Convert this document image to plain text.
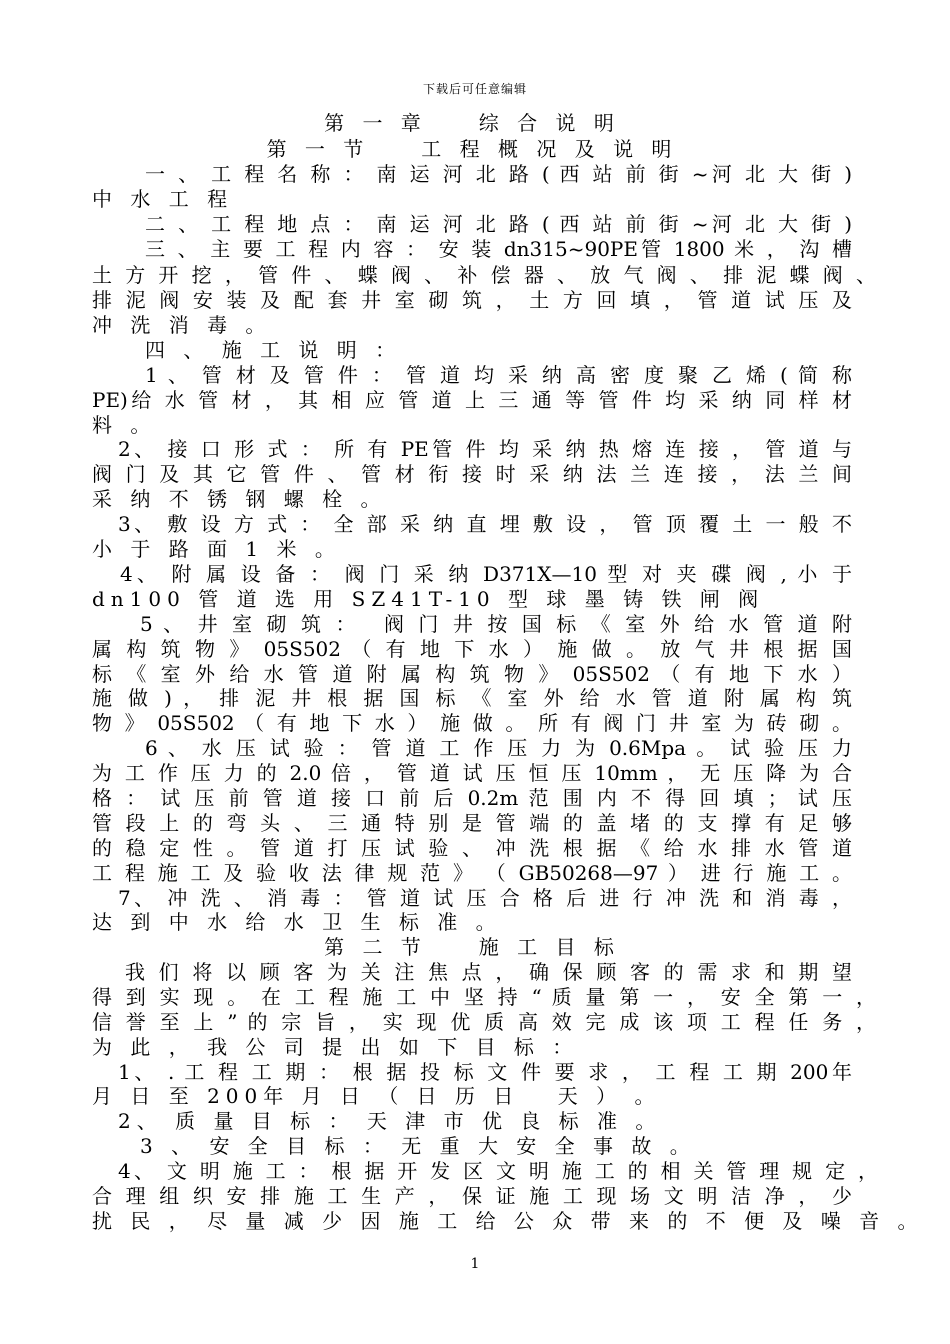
下载后可任意编辑
第 一 章　　综 合 说 明
第 一 节　　工 程 概 况 及 说 明
一 、 工 程 名 称 ： 南 运 河 北 路 ( 西 站 前 街 ~河 北 大 街 )
中 水 工 程
二 、 工 程 地 点 ： 南 运 河 北 路 ( 西 站 前 街 ~河 北 大 街 )
三 、 主 要 工 程 内 容 ： 安 装 dn315~90PE管 1800 米 ， 沟 槽
土 方 开 挖 ， 管 件 、 蝶 阀 、 补 偿 器 、 放 气 阀 、 排 泥 蝶 阀 、
排 泥 阀 安 装 及 配 套 井 室 砌 筑 ， 土 方 回 填 ， 管 道 试 压 及
冲 洗 消 毒 。
四 、 施 工 说 明 ：
1 、 管 材 及 管 件 ： 管 道 均 采 纳 高 密 度 聚 乙 烯 ( 简 称
PE)给 水 管 材 ， 其 相 应 管 道 上 三 通 等 管 件 均 采 纳 同 样 材
料 。
2、 接 口 形 式 ： 所 有 PE管 件 均 采 纳 热 熔 连 接 ， 管 道 与
阀 门 及 其 它 管 件 、 管 材 衔 接 时 采 纳 法 兰 连 接 ， 法 兰 间
采 纳 不 锈 钢 螺 栓 。
3、 敷 设 方 式 ： 全 部 采 纳 直 埋 敷 设 ， 管 顶 覆 土 一 般 不
小 于 路 面 1 米 。
4、 附 属 设 备 ： 阀 门 采 纳 D371X—10 型 对 夹 碟 阀 , 小 于
dn100 管 道 选 用 SZ41T-10 型 球 墨 铸 铁 闸 阀
5 、 井 室 砌 筑 ：　 阀 门 井 按 国 标 《 室 外 给 水 管 道 附
属 构 筑 物 》 05S502 （ 有 地 下 水 ） 施 做 。 放 气 井 根 据 国
标 《 室 外 给 水 管 道 附 属 构 筑 物 》 05S502 （ 有 地 下 水 ）
施 做 ) ， 排 泥 井 根 据 国 标 《 室 外 给 水 管 道 附 属 构 筑
物 》 05S502 （ 有 地 下 水 ） 施 做 。 所 有 阀 门 井 室 为 砖 砌 。
6 、 水 压 试 验 ： 管 道 工 作 压 力 为 0.6Mpa 。 试 验 压 力
为 工 作 压 力 的 2.0 倍 ， 管 道 试 压 恒 压 10mm ， 无 压 降 为 合
格 ： 试 压 前 管 道 接 口 前 后 0.2m 范 围 内 不 得 回 填 ； 试 压
管 段 上 的 弯 头 、 三 通 特 别 是 管 端 的 盖 堵 的 支 撑 有 足 够
的 稳 定 性 。 管 道 打 压 试 验 、 冲 洗 根 据 《 给 水 排 水 管 道
工 程 施 工 及 验 收 法 律 规 范 》 （ GB50268—97 ） 进 行 施 工 。
7、 冲 洗 、 消 毒 ： 管 道 试 压 合 格 后 进 行 冲 洗 和 消 毒 ，
达 到 中 水 给 水 卫 生 标 准 。
第 二 节　　施 工 目 标
我 们 将 以 顾 客 为 关 注 焦 点 ， 确 保 顾 客 的 需 求 和 期 望
得 到 实 现 。 在 工 程 施 工 中 坚 持 “ 质 量 第 一 ， 安 全 第 一 ，
信 誉 至 上 ” 的 宗 旨 ， 实 现 优 质 高 效 完 成 该 项 工 程 任 务 ，
为 此 ， 我 公 司 提 出 如 下 目 标 ：
1、 . 工 程 工 期 ： 根 据 投 标 文 件 要 求 ， 工 程 工 期 200年
月 日 至 200年 月 日 （ 日 历 日　 天 ） 。
2、 质 量 目 标 ： 天 津 市 优 良 标 准 。
3 、 安 全 目 标 ： 无 重 大 安 全 事 故 。
4、 文 明 施 工 ： 根 据 开 发 区 文 明 施 工 的 相 关 管 理 规 定 ，
合 理 组 织 安 排 施 工 生 产 ， 保 证 施 工 现 场 文 明 洁 净 ， 少
扰 民 ， 尽 量 减 少 因 施 工 给 公 众 带 来 的 不 便 及 噪 音 。
1
